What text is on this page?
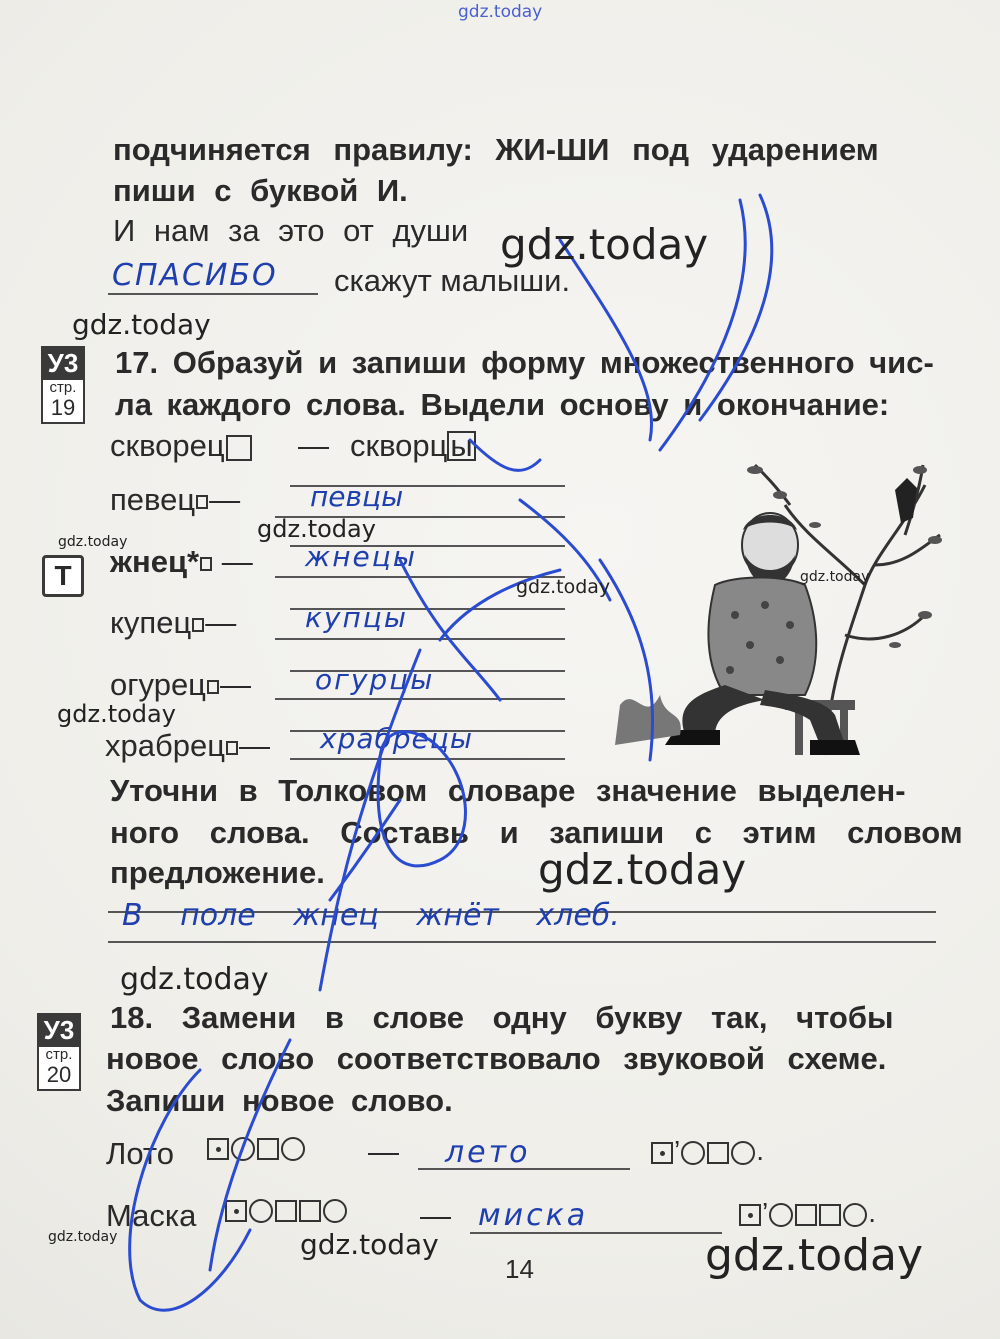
gdz.today
подчиняется правилу: ЖИ-ШИ под ударением
пиши с буквой И.
И нам за это от души
СПАСИБО скажут малыши.
У3
стр.
19
17. Образуй и запиши форму множественного чис-
ла каждого слова. Выдели основу и окончание:
скворец	— скворцы
певец — певцы
жнец* — жнецы
купец — купцы
огурец — огурцы
храбрец — храбрецы
Т
Уточни в Толковом словаре значение выделен-
ного слова. Составь и запиши с этим словом
предложение.
В поле жнец жнёт хлеб.
У3
стр.
20
18. Замени в слове одну букву так, чтобы
новое слово соответствовало звуковой схеме.
Запиши новое слово.
Лото	— лето	’	.
Маска	— миска	’	.
14
gdz.today
gdz.today
gdz.today
gdz.today
gdz.today	gdz.today
gdz.today
gdz.today
gdz.today
gdz.today	gdz.today	gdz.today
